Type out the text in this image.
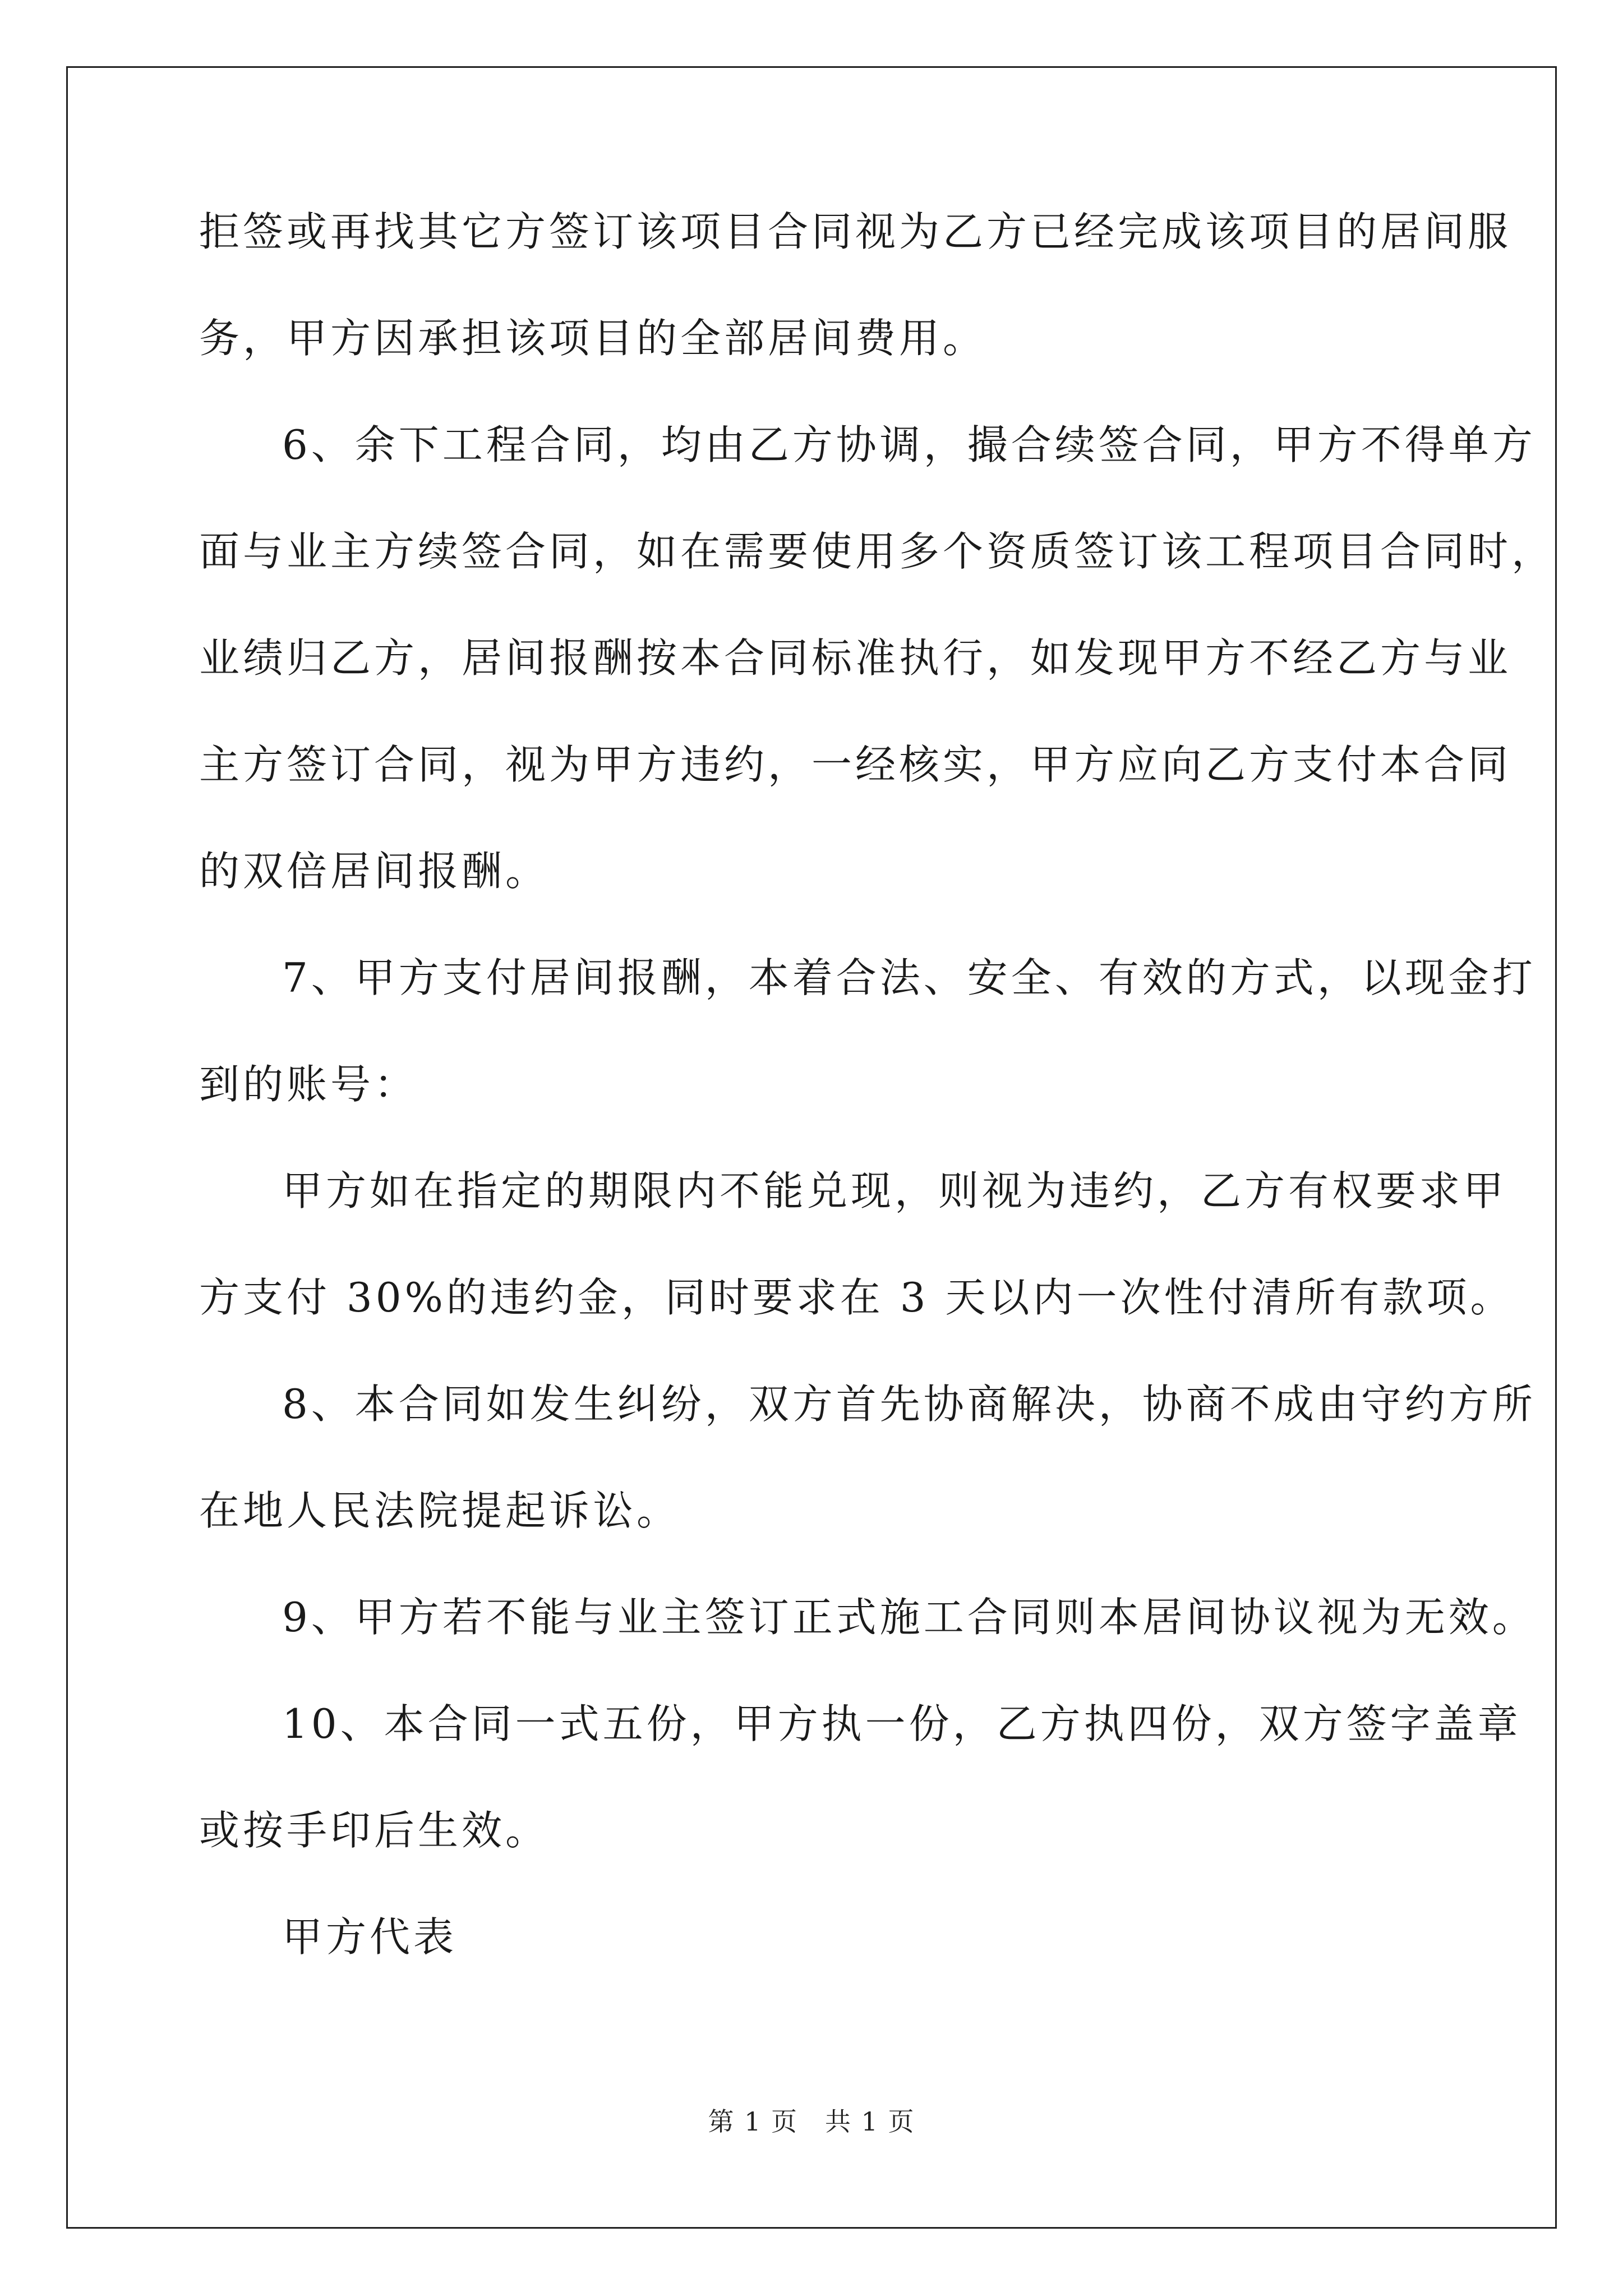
拒签或再找其它方签订该项目合同视为乙方已经完成该项目的居间服

务，甲方因承担该项目的全部居间费用。

6、余下工程合同，均由乙方协调，撮合续签合同，甲方不得单方

面与业主方续签合同，如在需要使用多个资质签订该工程项目合同时，

业绩归乙方，居间报酬按本合同标准执行，如发现甲方不经乙方与业

主方签订合同，视为甲方违约，一经核实，甲方应向乙方支付本合同

的双倍居间报酬。

7、甲方支付居间报酬，本着合法、安全、有效的方式，以现金打

到的账号：

甲方如在指定的期限内不能兑现，则视为违约，乙方有权要求甲

方支付 30%的违约金，同时要求在 3 天以内一次性付清所有款项。

8、本合同如发生纠纷，双方首先协商解决，协商不成由守约方所

在地人民法院提起诉讼。

9、甲方若不能与业主签订正式施工合同则本居间协议视为无效。

10、本合同一式五份，甲方执一份，乙方执四份，双方签字盖章

或按手印后生效。

甲方代表

第 1 页　共 1 页
